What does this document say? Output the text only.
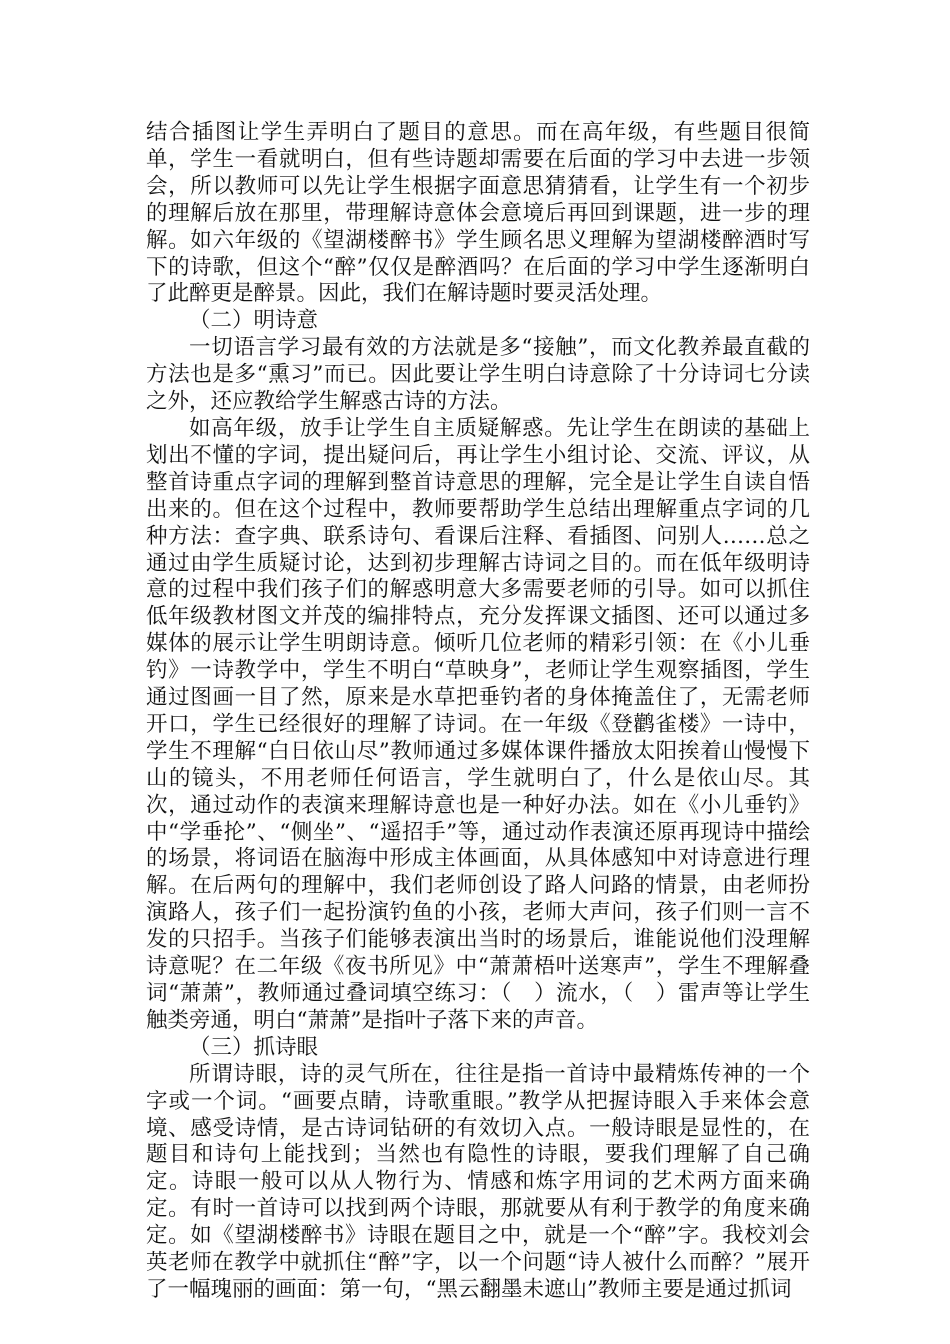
结合插图让学生弄明白了题目的意思。而在高年级，有些题目很简单，学生一看就明白，但有些诗题却需要在后面的学习中去进一步领会，所以教师可以先让学生根据字面意思猜猜看，让学生有一个初步的理解后放在那里，带理解诗意体会意境后再回到课题，进一步的理解。如六年级的《望湖楼醉书》学生顾名思义理解为望湖楼醉酒时写下的诗歌，但这个“醉”仅仅是醉酒吗？在后面的学习中学生逐渐明白了此醉更是醉景。因此，我们在解诗题时要灵活处理。

（二）明诗意

一切语言学习最有效的方法就是多“接触”，而文化教养最直截的方法也是多“熏习”而已。因此要让学生明白诗意除了十分诗词七分读之外，还应教给学生解惑古诗的方法。

如高年级，放手让学生自主质疑解惑。先让学生在朗读的基础上划出不懂的字词，提出疑问后，再让学生小组讨论、交流、评议，从整首诗重点字词的理解到整首诗意思的理解，完全是让学生自读自悟出来的。但在这个过程中，教师要帮助学生总结出理解重点字词的几种方法：查字典、联系诗句、看课后注释、看插图、问别人……总之通过由学生质疑讨论，达到初步理解古诗词之目的。而在低年级明诗意的过程中我们孩子们的解惑明意大多需要老师的引导。如可以抓住低年级教材图文并茂的编排特点，充分发挥课文插图、还可以通过多媒体的展示让学生明朗诗意。倾听几位老师的精彩引领：在《小儿垂钓》一诗教学中，学生不明白“草映身”，老师让学生观察插图，学生通过图画一目了然，原来是水草把垂钓者的身体掩盖住了，无需老师开口，学生已经很好的理解了诗词。在一年级《登鹳雀楼》一诗中，学生不理解“白日依山尽”教师通过多媒体课件播放太阳挨着山慢慢下山的镜头，不用老师任何语言，学生就明白了，什么是依山尽。其次，通过动作的表演来理解诗意也是一种好办法。如在《小儿垂钓》中“学垂抡”、“侧坐”、“遥招手”等，通过动作表演还原再现诗中描绘的场景，将词语在脑海中形成主体画面，从具体感知中对诗意进行理解。在后两句的理解中，我们老师创设了路人问路的情景，由老师扮演路人，孩子们一起扮演钓鱼的小孩，老师大声问，孩子们则一言不发的只招手。当孩子们能够表演出当时的场景后，谁能说他们没理解诗意呢？在二年级《夜书所见》中“萧萧梧叶送寒声”，学生不理解叠词“萧萧”，教师通过叠词填空练习：（　）流水，（　）雷声等让学生触类旁通，明白“萧萧”是指叶子落下来的声音。

（三）抓诗眼

所谓诗眼，诗的灵气所在，往往是指一首诗中最精炼传神的一个字或一个词。“画要点睛，诗歌重眼。”教学从把握诗眼入手来体会意境、感受诗情，是古诗词钻研的有效切入点。一般诗眼是显性的，在题目和诗句上能找到；当然也有隐性的诗眼，要我们理解了自己确定。诗眼一般可以从人物行为、情感和炼字用词的艺术两方面来确定。有时一首诗可以找到两个诗眼，那就要从有利于教学的角度来确定。如《望湖楼醉书》诗眼在题目之中，就是一个“醉”字。我校刘会英老师在教学中就抓住“醉”字，以一个问题“诗人被什么而醉？”展开了一幅瑰丽的画面：第一句，“黑云翻墨未遮山”教师主要是通过抓词
